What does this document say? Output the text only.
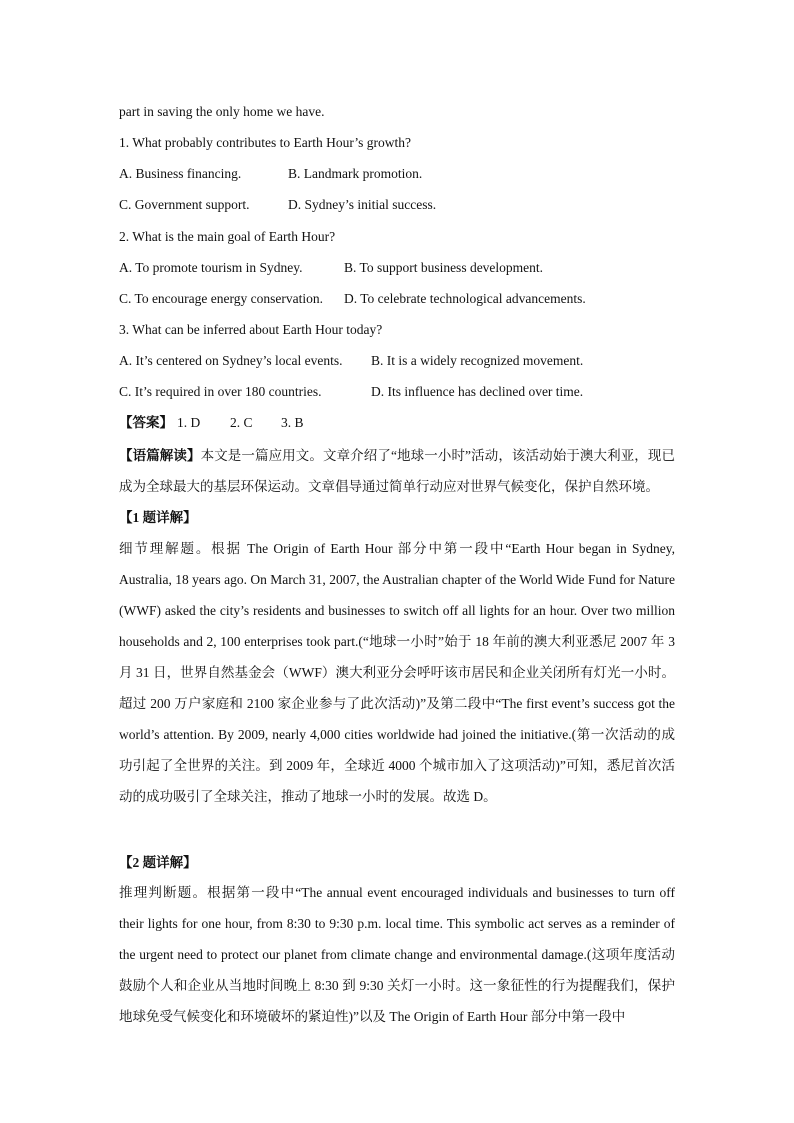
part in saving the only home we have.
1. What probably contributes to Earth Hour’s growth?
A. Business financing.	B. Landmark promotion.
C. Government support.	D. Sydney’s initial success.
2. What is the main goal of Earth Hour?
A. To promote tourism in Sydney.	B. To support business development.
C. To encourage energy conservation. D. To celebrate technological advancements.
3. What can be inferred about Earth Hour today?
A. It’s centered on Sydney’s local events. B. It is a widely recognized movement.
C. It’s required in over 180 countries.	D. Its influence has declined over time.
【答案】 1. D 2. C 3. B
【语篇解读】本文是一篇应用文。文章介绍了“地球一小时”活动，该活动始于澳大利亚，现已成为全球最大的基层环保运动。文章倡导通过简单行动应对世界气候变化，保护自然环境。
【1 题详解】
细节理解题。根据 The Origin of Earth Hour 部分中第一段中“Earth Hour began in Sydney, Australia, 18 years ago. On March 31, 2007, the Australian chapter of the World Wide Fund for Nature (WWF) asked the city’s residents and businesses to switch off all lights for an hour. Over two million households and 2, 100 enterprises took part.(“地球一小时”始于 18 年前的澳大利亚悉尼 2007 年 3 月 31 日，世界自然基金会（WWF）澳大利亚分会呼吁该市居民和企业关闭所有灯光一小时。超过 200 万户家庭和 2100 家企业参与了此次活动)”及第二段中“The first event’s success got the world’s attention. By 2009, nearly 4,000 cities worldwide had joined the initiative.(第一次活动的成功引起了全世界的关注。到 2009 年，全球近 4000 个城市加入了这项活动)”可知，悉尼首次活动的成功吸引了全球关注，推动了地球一小时的发展。故选 D。
【2 题详解】
推理判断题。根据第一段中“The annual event encouraged individuals and businesses to turn off their lights for one hour, from 8:30 to 9:30 p.m. local time. This symbolic act serves as a reminder of the urgent need to protect our planet from climate change and environmental damage.(这项年度活动鼓励个人和企业从当地时间晚上 8:30 到 9:30 关灯一小时。这一象征性的行为提醒我们，保护地球免受气候变化和环境破坏的紧迫性)”以及 The Origin of Earth Hour 部分中第一段中
